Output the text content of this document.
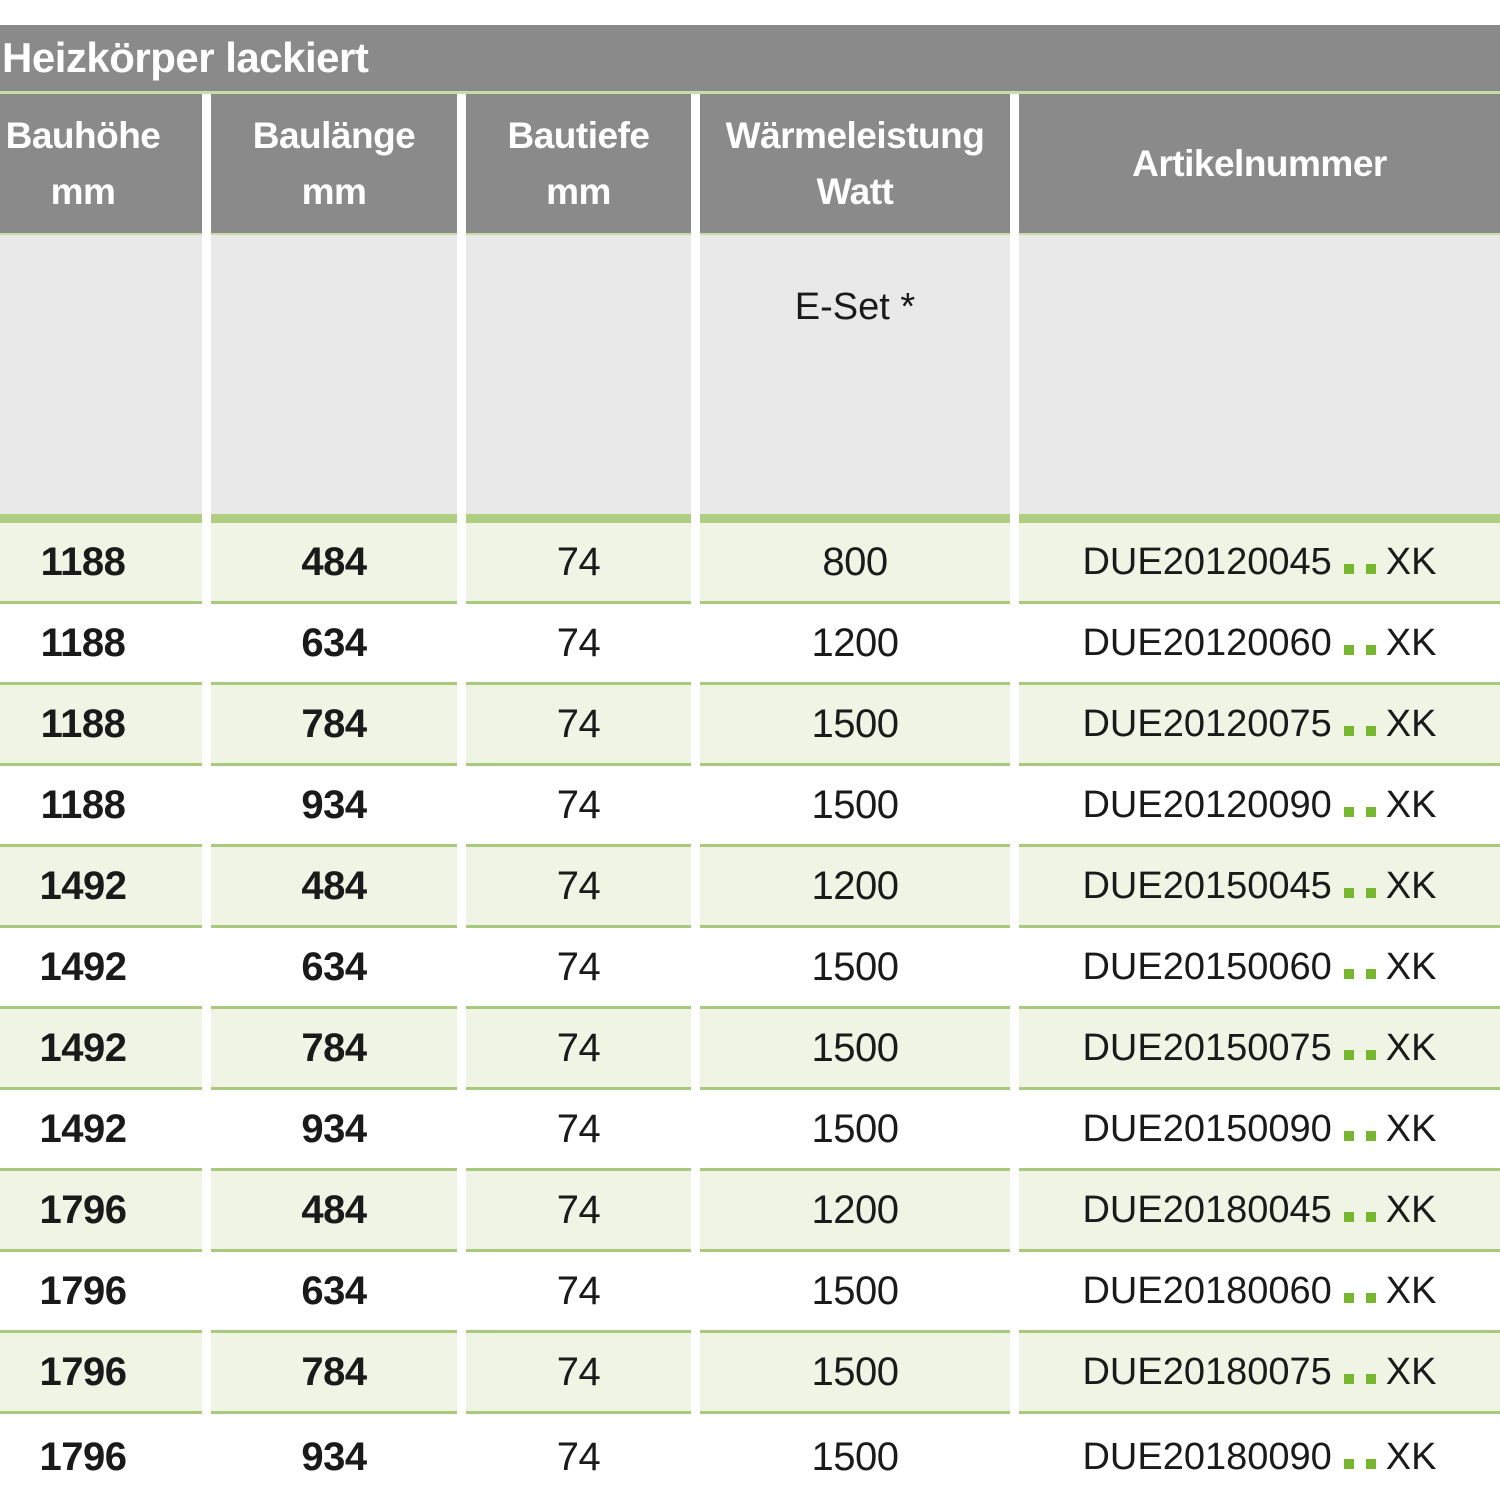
Heizkörper lackiert
Bauhöhe
mm
1188
1188
1188
1188
1492
1492
1492
1492
1796
1796
1796
1796
Baulänge
mm
484
634
784
934
484
634
784
934
484
634
784
934
Bautiefe
mm
74
74
74
74
74
74
74
74
74
74
74
74
Wärmeleistung
Watt
E-Set *
800
1200
1500
1500
1200
1500
1500
1500
1200
1500
1500
1500
Artikelnummer
DUE20120045 XK
DUE20120060 XK
DUE20120075 XK
DUE20120090 XK
DUE20150045 XK
DUE20150060 XK
DUE20150075 XK
DUE20150090 XK
DUE20180045 XK
DUE20180060 XK
DUE20180075 XK
DUE20180090 XK
